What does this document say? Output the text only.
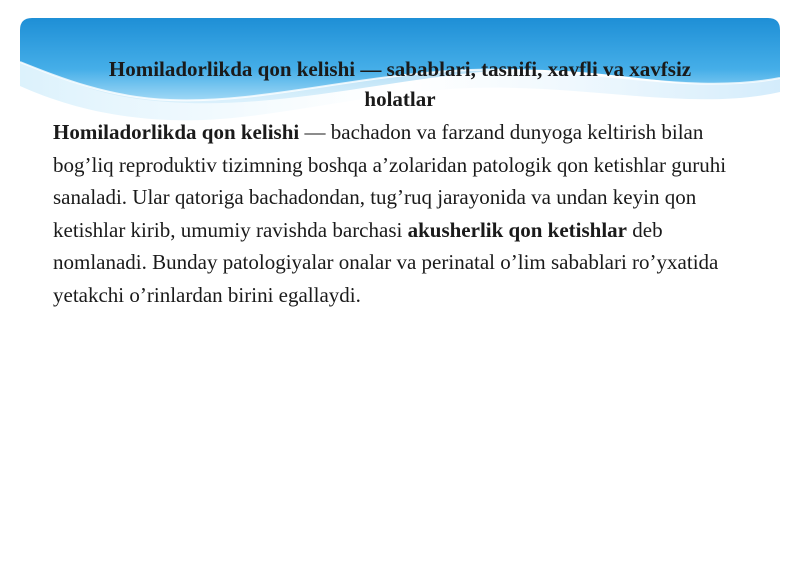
Homiladorlikda qon kelishi — sabablari, tasnifi, xavfli va xavfsiz
holatlar

Homiladorlikda qon kelishi — bachadon va farzand dunyoga keltirish bilan bog’liq reproduktiv tizimning boshqa a’zolaridan patologik qon ketishlar guruhi sanaladi. Ular qatoriga bachadondan, tug’ruq jarayonida va undan keyin qon ketishlar kirib, umumiy ravishda barchasi akusherlik qon ketishlar deb nomlanadi. Bunday patologiyalar onalar va perinatal o’lim sabablari ro’yxatida yetakchi o’rinlardan birini egallaydi.
